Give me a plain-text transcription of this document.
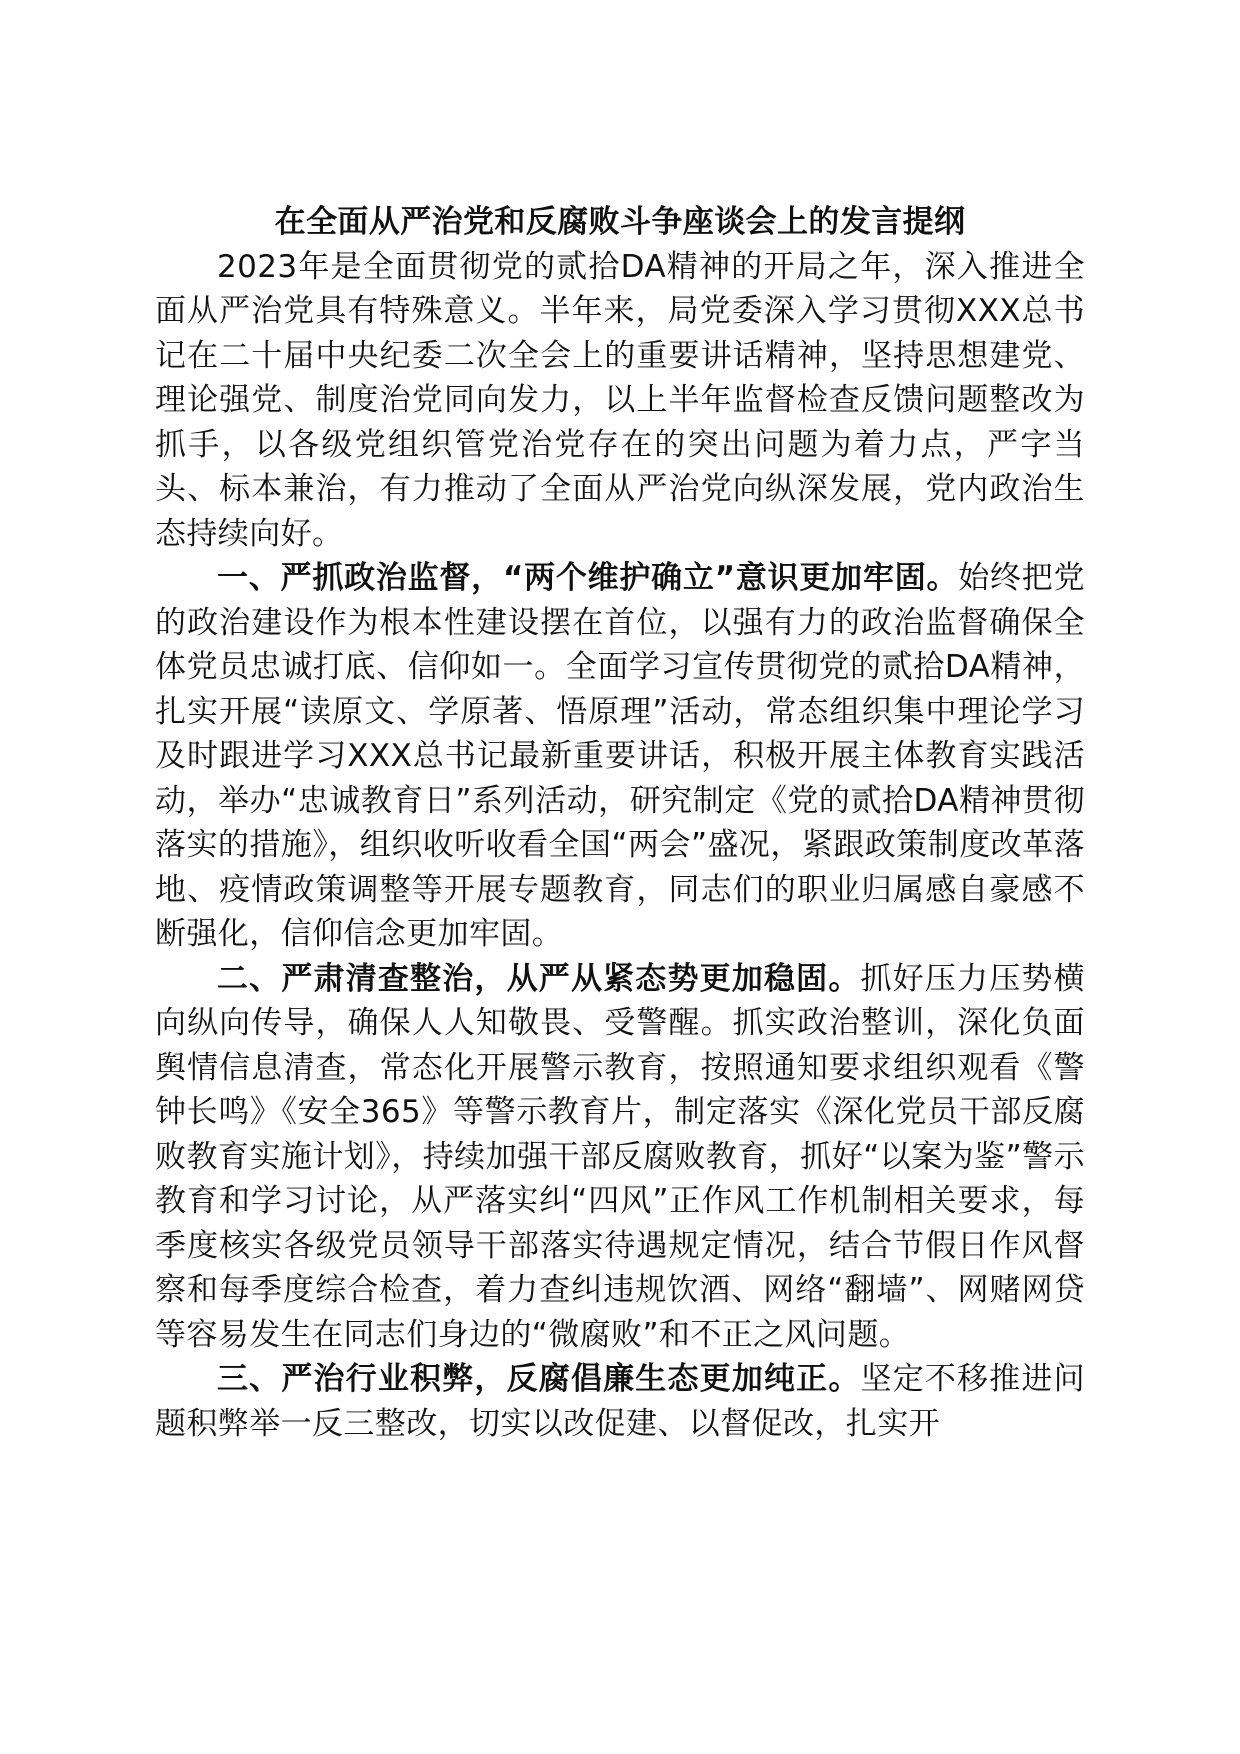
在全面从严治党和反腐败斗争座谈会上的发言提纲

2023年是全面贯彻党的贰拾DA精神的开局之年，深入推进全面从严治党具有特殊意义。半年来，局党委深入学习贯彻XXX总书记在二十届中央纪委二次全会上的重要讲话精神，坚持思想建党、理论强党、制度治党同向发力，以上半年监督检查反馈问题整改为抓手，以各级党组织管党治党存在的突出问题为着力点，严字当头、标本兼治，有力推动了全面从严治党向纵深发展，党内政治生态持续向好。

一、严抓政治监督，“两个维护确立”意识更加牢固。始终把党的政治建设作为根本性建设摆在首位，以强有力的政治监督确保全体党员忠诚打底、信仰如一。全面学习宣传贯彻党的贰拾DA精神，扎实开展“读原文、学原著、悟原理”活动，常态组织集中理论学习及时跟进学习XXX总书记最新重要讲话，积极开展主体教育实践活动，举办“忠诚教育日”系列活动，研究制定《党的贰拾DA精神贯彻落实的措施》，组织收听收看全国“两会”盛况，紧跟政策制度改革落地、疫情政策调整等开展专题教育，同志们的职业归属感自豪感不断强化，信仰信念更加牢固。

二、严肃清查整治，从严从紧态势更加稳固。抓好压力压势横向纵向传导，确保人人知敬畏、受警醒。抓实政治整训，深化负面舆情信息清查，常态化开展警示教育，按照通知要求组织观看《警钟长鸣》《安全365》等警示教育片，制定落实《深化党员干部反腐败教育实施计划》，持续加强干部反腐败教育，抓好“以案为鉴”警示教育和学习讨论，从严落实纠“四风”正作风工作机制相关要求，每季度核实各级党员领导干部落实待遇规定情况，结合节假日作风督察和每季度综合检查，着力查纠违规饮酒、网络“翻墙”、网赌网贷等容易发生在同志们身边的“微腐败”和不正之风问题。

三、严治行业积弊，反腐倡廉生态更加纯正。坚定不移推进问题积弊举一反三整改，切实以改促建、以督促改，扎实开
